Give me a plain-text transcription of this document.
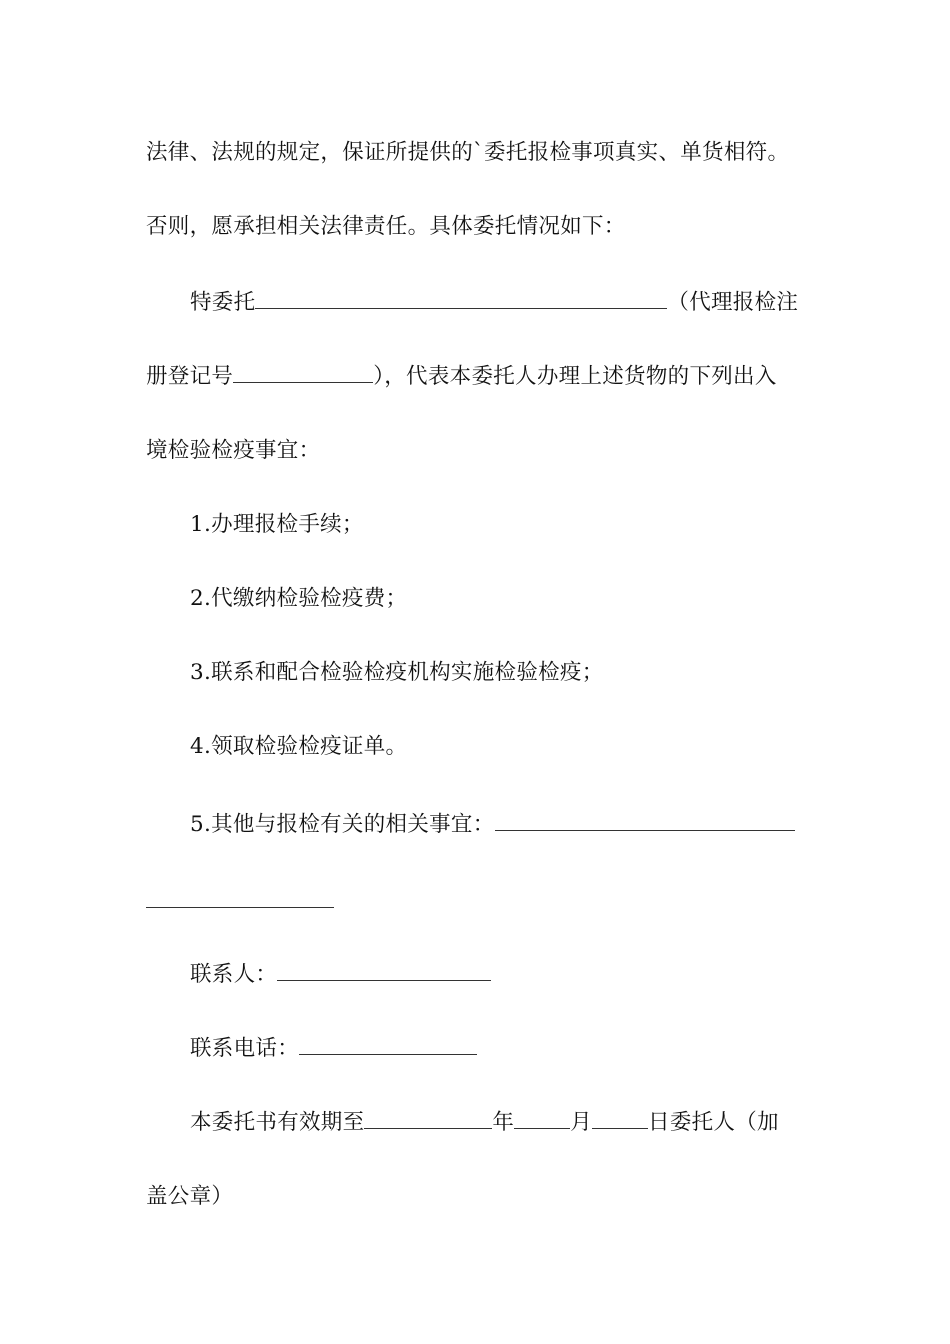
法律、法规的规定，保证所提供的`委托报检事项真实、单货相符。
否则，愿承担相关法律责任。具体委托情况如下：
特委托	（代理报检注
册登记号	），代表本委托人办理上述货物的下列出入
境检验检疫事宜：
1.办理报检手续；
2.代缴纳检验检疫费；
3.联系和配合检验检疫机构实施检验检疫；
4.领取检验检疫证单。
5.其他与报检有关的相关事宜：
联系人：
联系电话：
本委托书有效期至	年	月	日委托人（加
盖公章）
